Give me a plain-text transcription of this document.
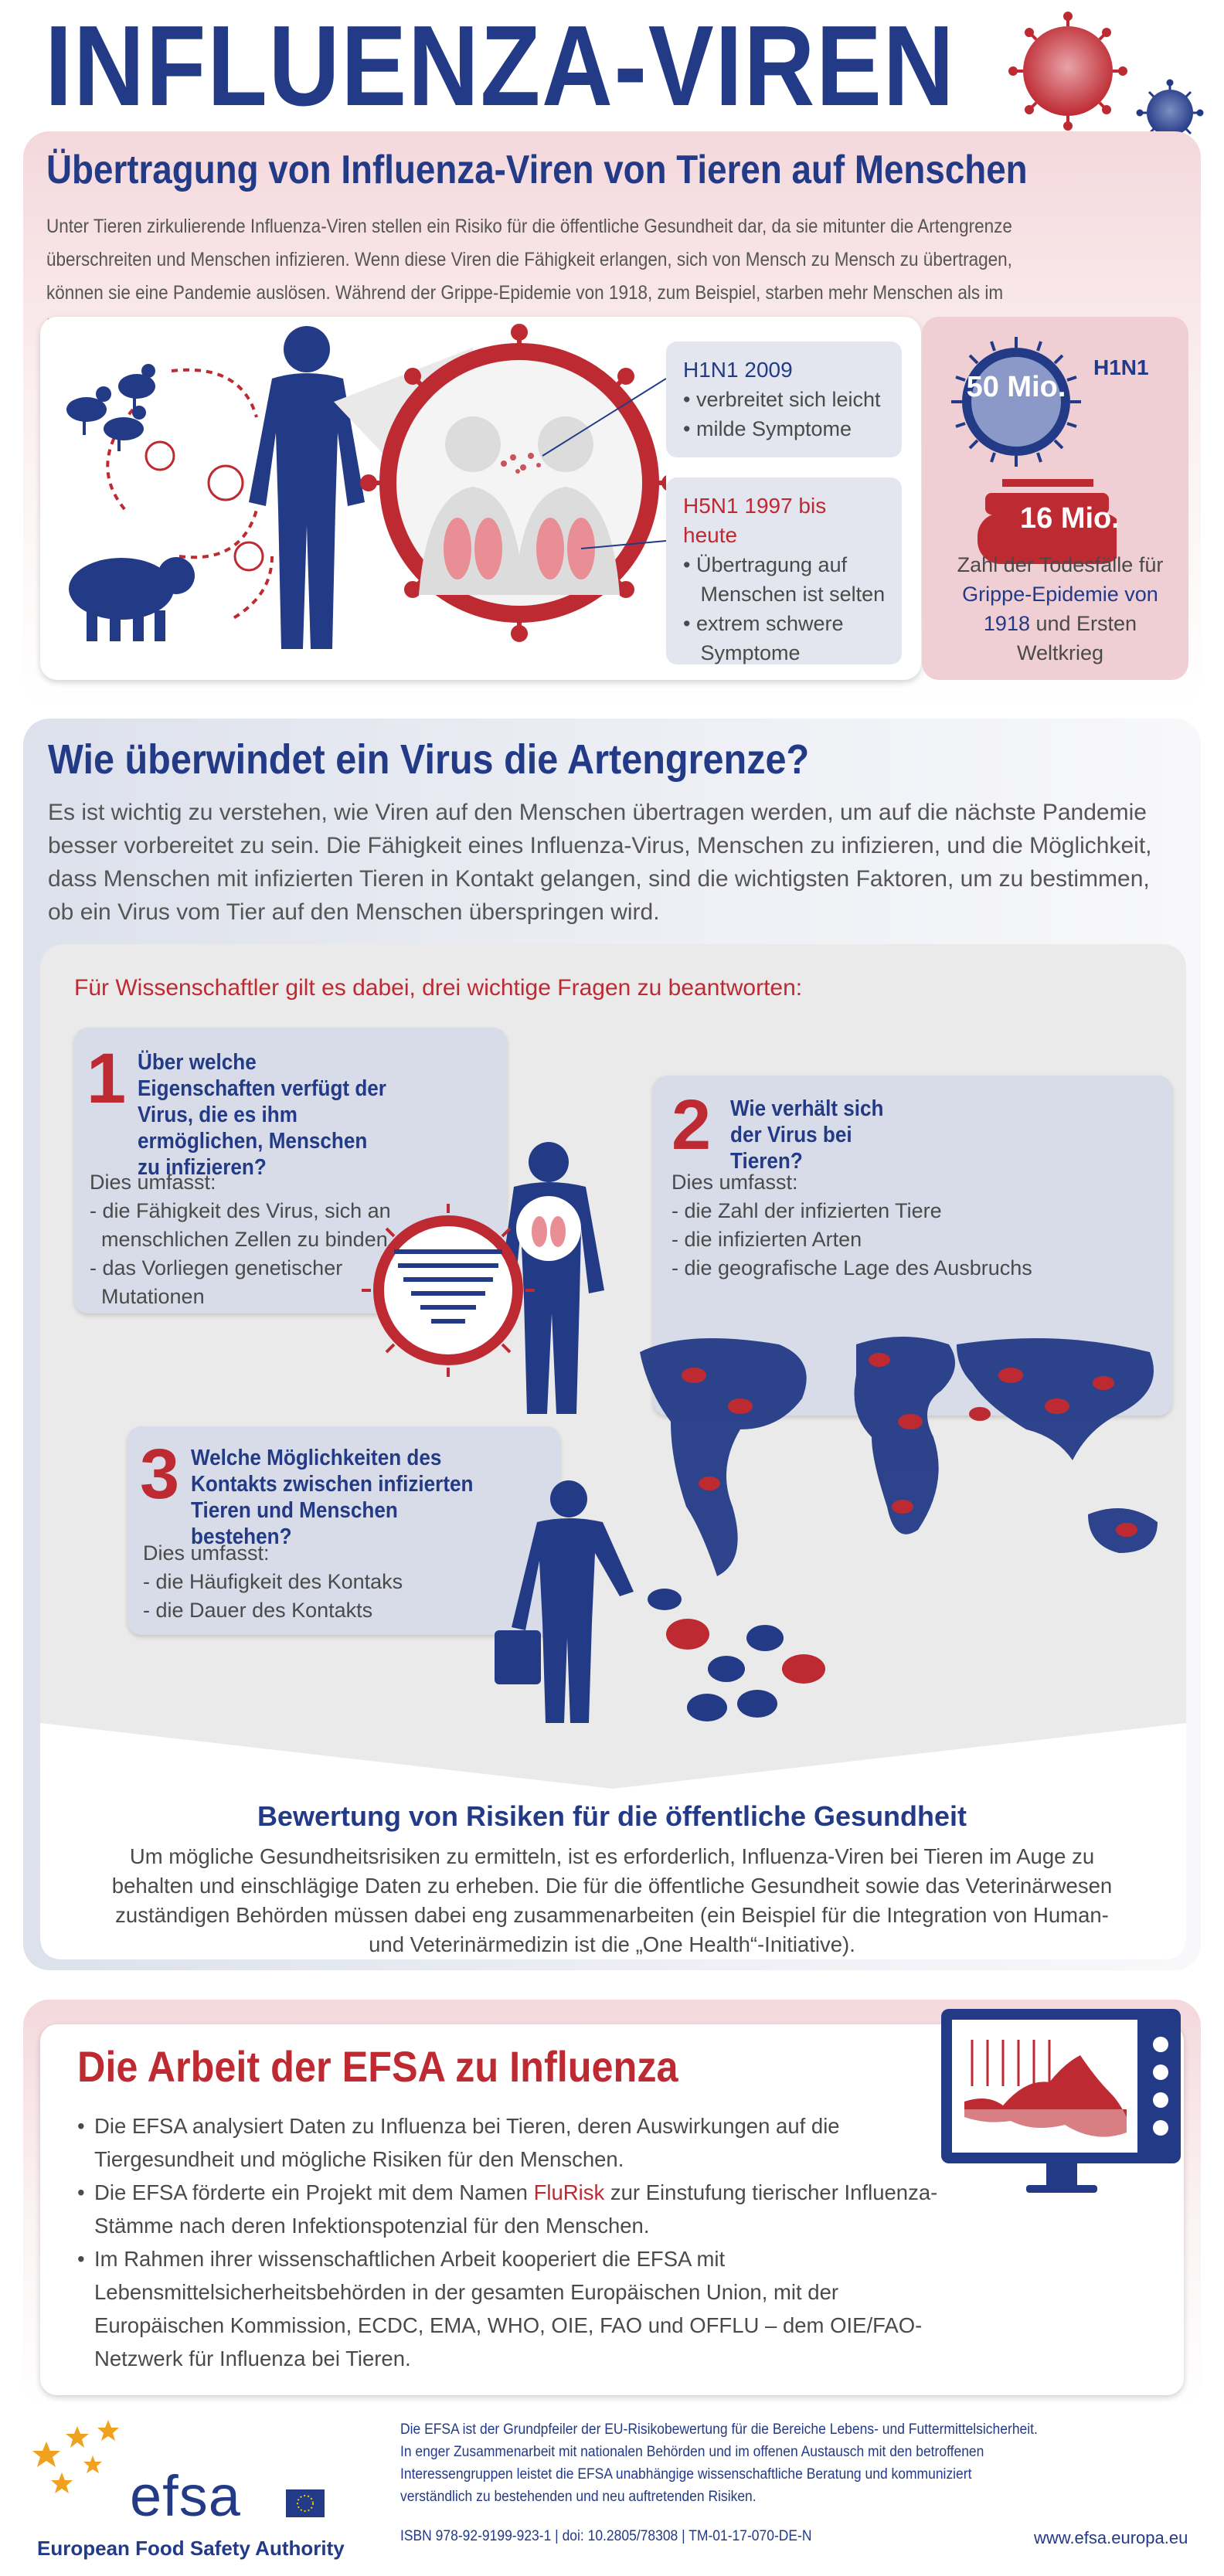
INFLUENZA-VIREN
Übertragung von Influenza-Viren von Tieren auf Menschen

Unter Tieren zirkulierende Influenza-Viren stellen ein Risiko für die öffentliche Gesundheit dar, da sie mitunter die Artengrenze überschreiten und Menschen infizieren. Wenn diese Viren die Fähigkeit erlangen, sich von Mensch zu Mensch zu übertragen, können sie eine Pandemie auslösen. Während der Grippe-Epidemie von 1918, zum Beispiel, starben mehr Menschen als im

H1N1 2009
• verbreitet sich leicht
• milde Symptome
H5N1 1997 bis heute
• Übertragung auf
Menschen ist selten
• extrem schwere
Symptome
H1N1
50 Mio.
16 Mio.
Zahl der Todesfälle für Grippe-Epidemie von 1918 und Ersten Weltkrieg
Wie überwindet ein Virus die Artengrenze?

Es ist wichtig zu verstehen, wie Viren auf den Menschen übertragen werden, um auf die nächste Pandemie besser vorbereitet zu sein. Die Fähigkeit eines Influenza-Virus, Menschen zu infizieren, und die Möglichkeit, dass Menschen mit infizierten Tieren in Kontakt gelangen, sind die wichtigsten Faktoren, um zu bestimmen, ob ein Virus vom Tier auf den Menschen überspringen wird.

Für Wissenschaftler gilt es dabei, drei wichtige Fragen zu beantworten:
1 Über welche Eigenschaften verfügt der Virus, die es ihm ermöglichen, Menschen zu infizieren?
Dies umfasst:
- die Fähigkeit des Virus, sich an
menschlichen Zellen zu binden
- das Vorliegen genetischer
Mutationen
2 Wie verhält sich der Virus bei Tieren?
Dies umfasst:
- die Zahl der infizierten Tiere
- die infizierten Arten
- die geografische Lage des Ausbruchs
3 Welche Möglichkeiten des Kontakts zwischen infizierten Tieren und Menschen bestehen?
Dies umfasst:
- die Häufigkeit des Kontaks
- die Dauer des Kontakts
Bewertung von Risiken für die öffentliche Gesundheit
Um mögliche Gesundheitsrisiken zu ermitteln, ist es erforderlich, Influenza-Viren bei Tieren im Auge zu behalten und einschlägige Daten zu erheben. Die für die öffentliche Gesundheit sowie das Veterinärwesen zuständigen Behörden müssen dabei eng zusammenarbeiten (ein Beispiel für die Integration von Human- und Veterinärmedizin ist die „One Health“-Initiative).
Die Arbeit der EFSA zu Influenza
• Die EFSA analysiert Daten zu Influenza bei Tieren, deren Auswirkungen auf die Tiergesundheit und mögliche Risiken für den Menschen.
• Die EFSA förderte ein Projekt mit dem Namen FluRisk zur Einstufung tierischer Influenza-Stämme nach deren Infektionspotenzial für den Menschen.
• Im Rahmen ihrer wissenschaftlichen Arbeit kooperiert die EFSA mit Lebensmittelsicherheitsbehörden in der gesamten Europäischen Union, mit der Europäischen Kommission, ECDC, EMA, WHO, OIE, FAO und OFFLU – dem OIE/FAO-Netzwerk für Influenza bei Tieren.
efsa
European Food Safety Authority
Die EFSA ist der Grundpfeiler der EU-Risikobewertung für die Bereiche Lebens- und Futtermittelsicherheit. In enger Zusammenarbeit mit nationalen Behörden und im offenen Austausch mit den betroffenen Interessengruppen leistet die EFSA unabhängige wissenschaftliche Beratung und kommuniziert verständlich zu bestehenden und neu auftretenden Risiken.
ISBN 978-92-9199-923-1 | doi: 10.2805/78308 | TM-01-17-070-DE-N	www.efsa.europa.eu
